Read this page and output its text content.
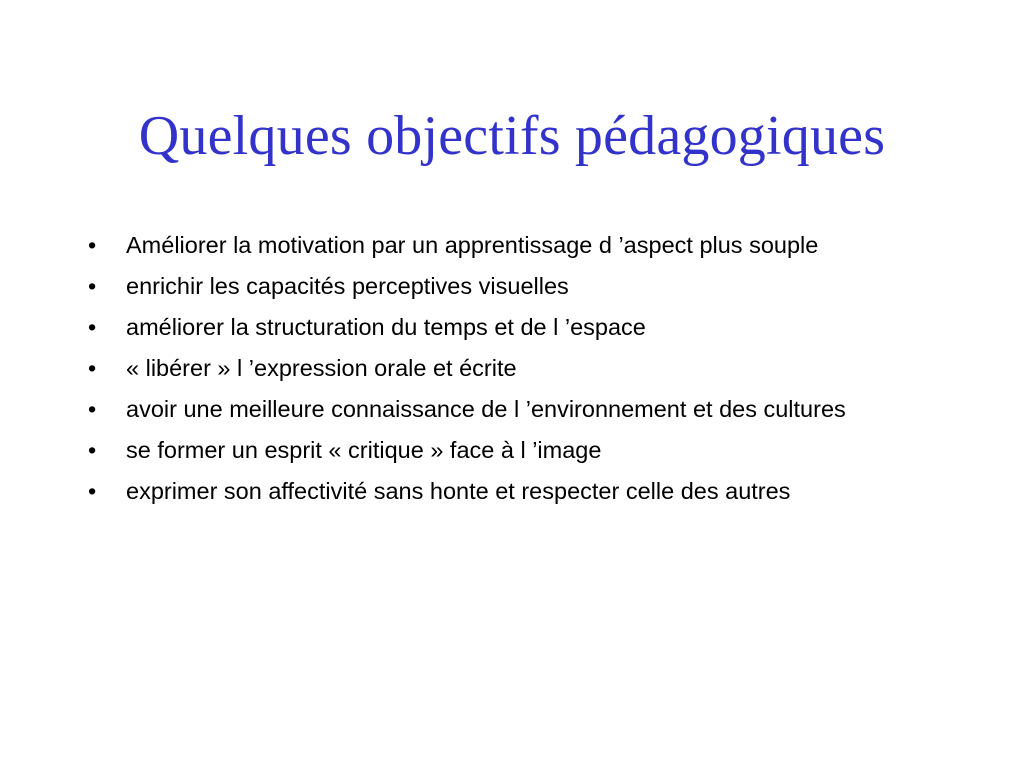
Quelques objectifs pédagogiques
• Améliorer la motivation par un apprentissage d ’aspect plus souple
• enrichir les capacités perceptives visuelles
• améliorer la structuration du temps et de l ’espace
• « libérer » l ’expression orale et écrite
• avoir une meilleure connaissance de l ’environnement et des cultures
• se former un esprit « critique » face à l ’image
• exprimer son affectivité sans honte et respecter celle des autres
